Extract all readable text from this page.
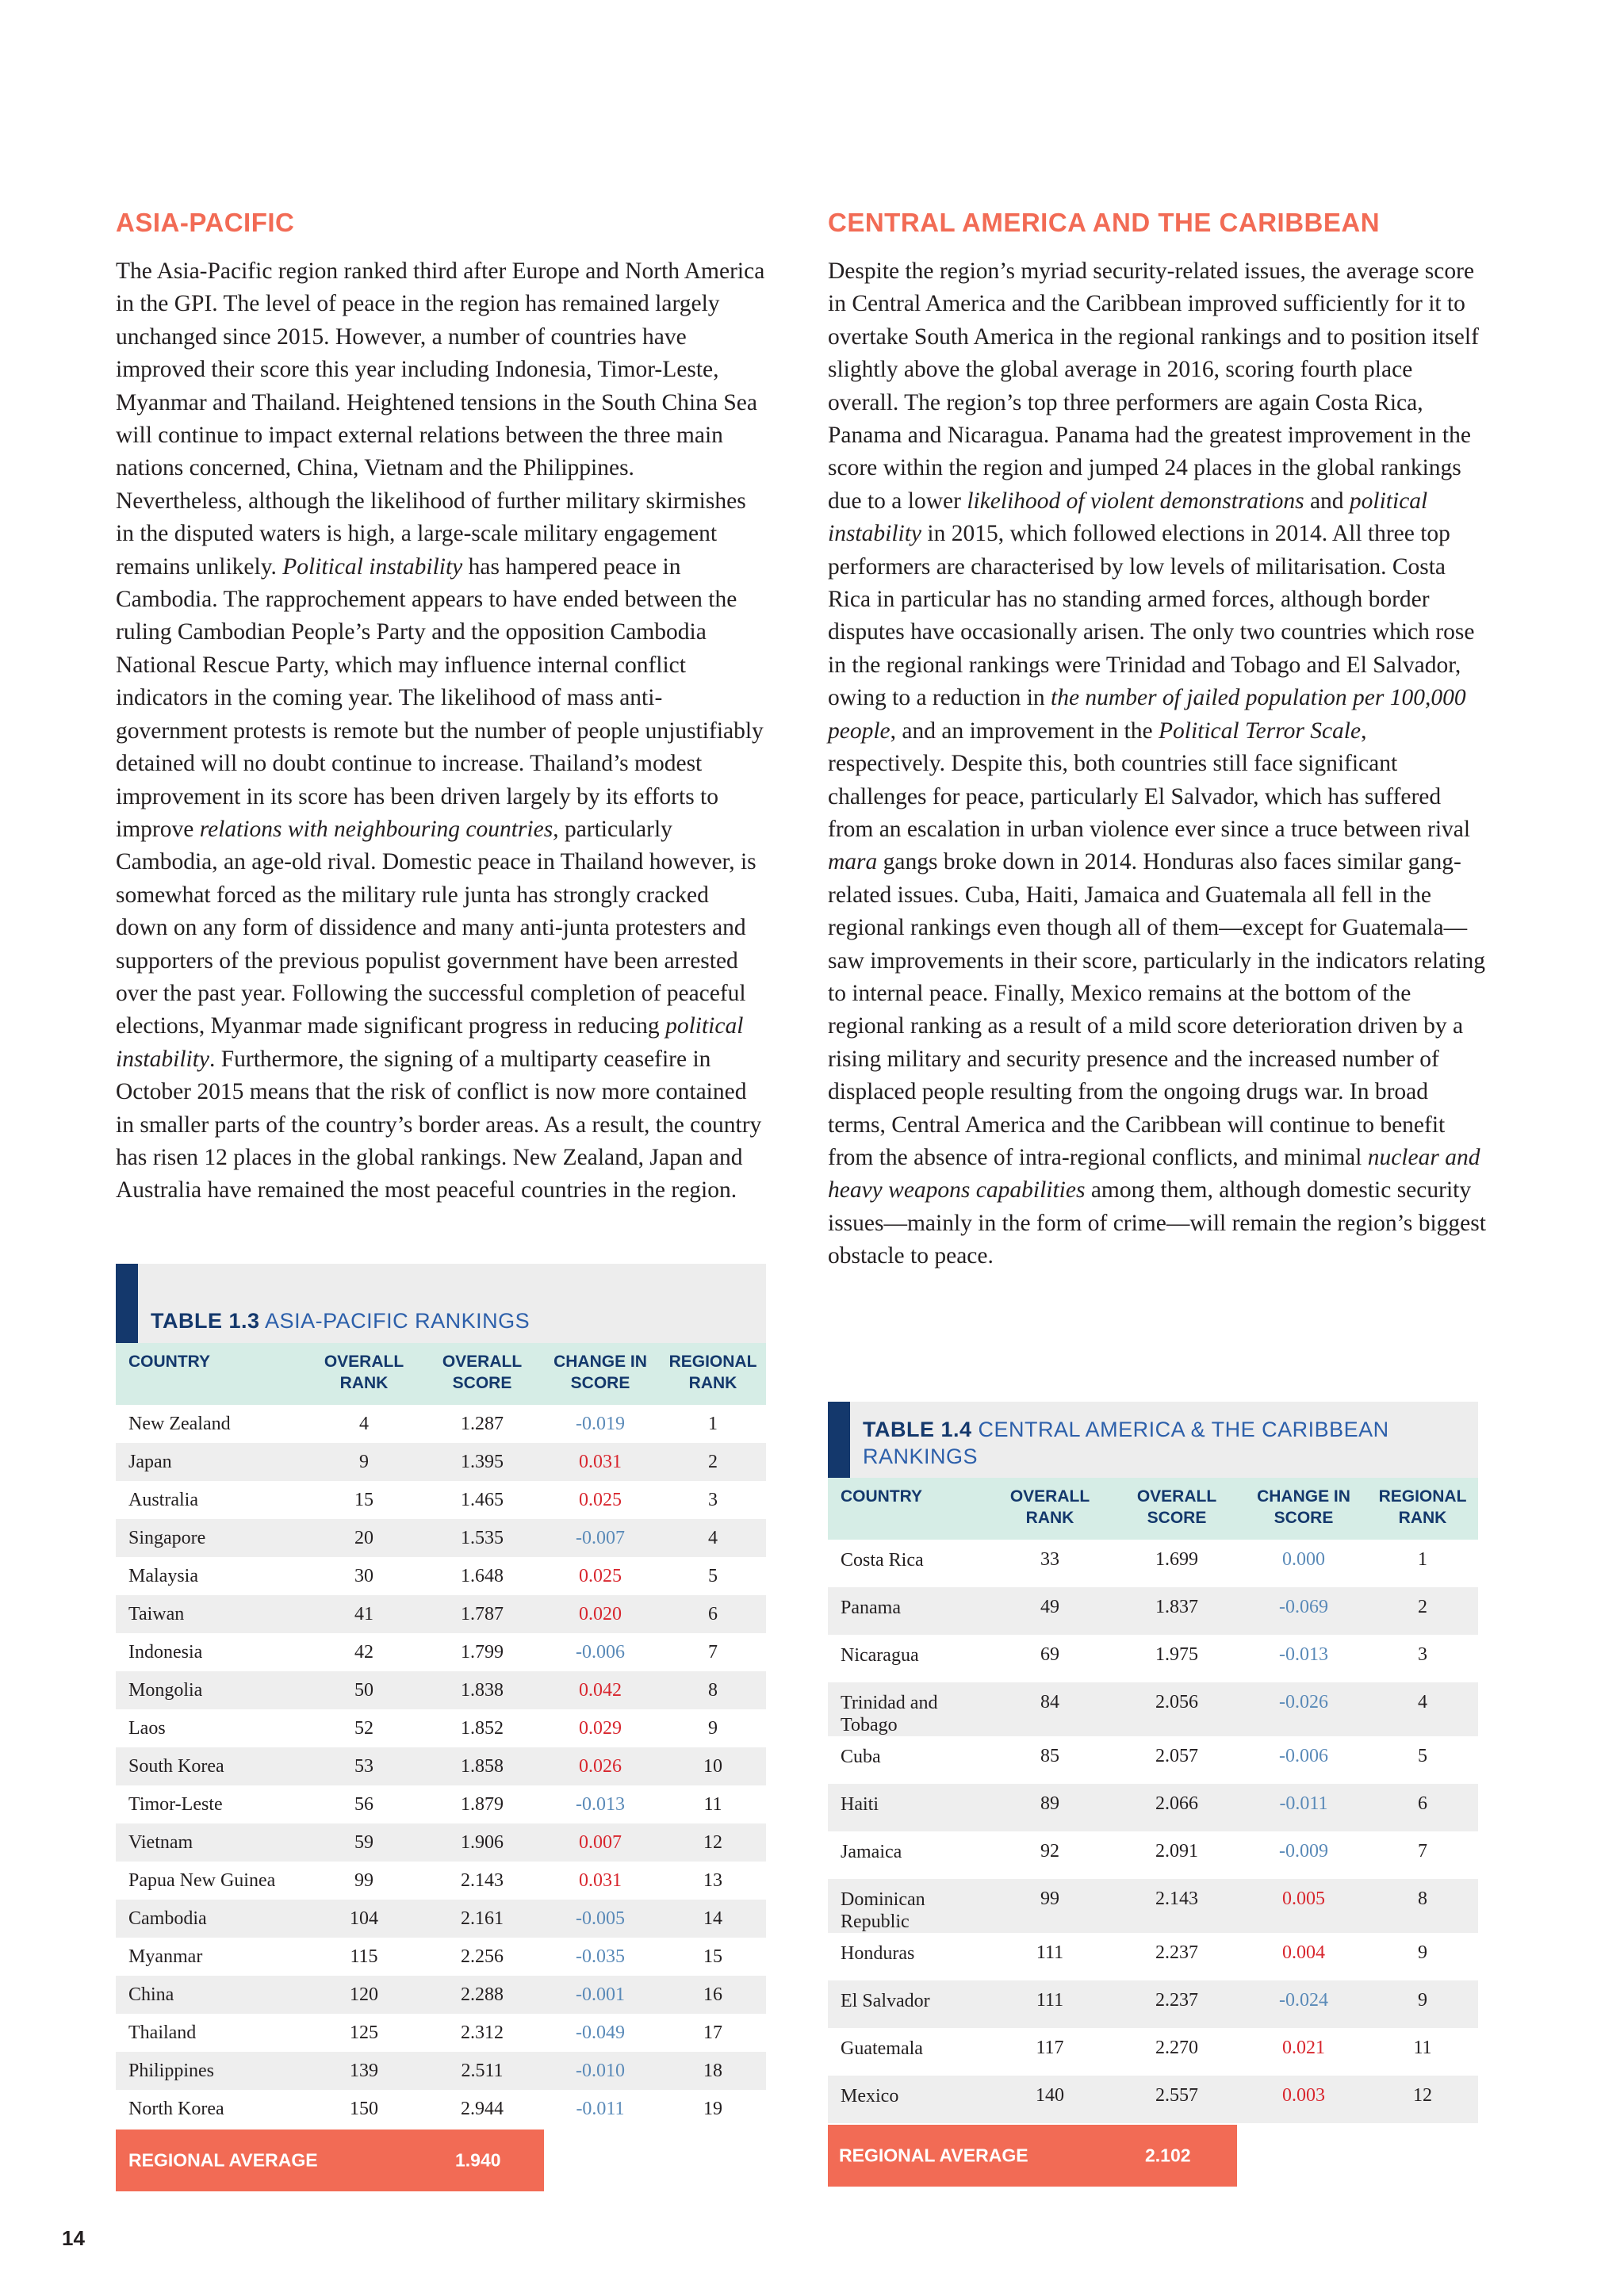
ASIA-PACIFIC

The Asia-Pacific region ranked third after Europe and North America in the GPI. The level of peace in the region has remained largely unchanged since 2015. However, a number of countries have improved their score this year including Indonesia, Timor-Leste, Myanmar and Thailand. Heightened tensions in the South China Sea will continue to impact external relations between the three main nations concerned, China, Vietnam and the Philippines. Nevertheless, although the likelihood of further military skirmishes in the disputed waters is high, a large-scale military engagement remains unlikely. Political instability has hampered peace in Cambodia. The rapprochement appears to have ended between the ruling Cambodian People’s Party and the opposition Cambodia National Rescue Party, which may influence internal conflict indicators in the coming year. The likelihood of mass anti-government protests is remote but the number of people unjustifiably detained will no doubt continue to increase. Thailand’s modest improvement in its score has been driven largely by its efforts to improve relations with neighbouring countries, particularly Cambodia, an age-old rival. Domestic peace in Thailand however, is somewhat forced as the military rule junta has strongly cracked down on any form of dissidence and many anti-junta protesters and supporters of the previous populist government have been arrested over the past year. Following the successful completion of peaceful elections, Myanmar made significant progress in reducing political instability. Furthermore, the signing of a multiparty ceasefire in October 2015 means that the risk of conflict is now more contained in smaller parts of the country’s border areas. As a result, the country has risen 12 places in the global rankings. New Zealand, Japan and Australia have remained the most peaceful countries in the region.

TABLE 1.3 ASIA-PACIFIC RANKINGS
COUNTRY	OVERALL RANK	OVERALL SCORE	CHANGE IN SCORE	REGIONAL RANK
New Zealand	4	1.287	-0.019	1
Japan	9	1.395	0.031	2
Australia	15	1.465	0.025	3
Singapore	20	1.535	-0.007	4
Malaysia	30	1.648	0.025	5
Taiwan	41	1.787	0.020	6
Indonesia	42	1.799	-0.006	7
Mongolia	50	1.838	0.042	8
Laos	52	1.852	0.029	9
South Korea	53	1.858	0.026	10
Timor-Leste	56	1.879	-0.013	11
Vietnam	59	1.906	0.007	12
Papua New Guinea	99	2.143	0.031	13
Cambodia	104	2.161	-0.005	14
Myanmar	115	2.256	-0.035	15
China	120	2.288	-0.001	16
Thailand	125	2.312	-0.049	17
Philippines	139	2.511	-0.010	18
North Korea	150	2.944	-0.011	19
REGIONAL AVERAGE	1.940
CENTRAL AMERICA AND THE CARIBBEAN

Despite the region’s myriad security-related issues, the average score in Central America and the Caribbean improved sufficiently for it to overtake South America in the regional rankings and to position itself slightly above the global average in 2016, scoring fourth place overall. The region’s top three performers are again Costa Rica, Panama and Nicaragua. Panama had the greatest improvement in the score within the region and jumped 24 places in the global rankings due to a lower likelihood of violent demonstrations and political instability in 2015, which followed elections in 2014. All three top performers are characterised by low levels of militarisation. Costa Rica in particular has no standing armed forces, although border disputes have occasionally arisen. The only two countries which rose in the regional rankings were Trinidad and Tobago and El Salvador, owing to a reduction in the number of jailed population per 100,000 people, and an improvement in the Political Terror Scale, respectively. Despite this, both countries still face significant challenges for peace, particularly El Salvador, which has suffered from an escalation in urban violence ever since a truce between rival mara gangs broke down in 2014. Honduras also faces similar gang-related issues. Cuba, Haiti, Jamaica and Guatemala all fell in the regional rankings even though all of them—except for Guatemala—saw improvements in their score, particularly in the indicators relating to internal peace. Finally, Mexico remains at the bottom of the regional ranking as a result of a mild score deterioration driven by a rising military and security presence and the increased number of displaced people resulting from the ongoing drugs war. In broad terms, Central America and the Caribbean will continue to benefit from the absence of intra-regional conflicts, and minimal nuclear and heavy weapons capabilities among them, although domestic security issues—mainly in the form of crime—will remain the region’s biggest obstacle to peace.

TABLE 1.4 CENTRAL AMERICA & THE CARIBBEAN RANKINGS
COUNTRY	OVERALL RANK	OVERALL SCORE	CHANGE IN SCORE	REGIONAL RANK
Costa Rica	33	1.699	0.000	1
Panama	49	1.837	-0.069	2
Nicaragua	69	1.975	-0.013	3
Trinidad and Tobago	84	2.056	-0.026	4
Cuba	85	2.057	-0.006	5
Haiti	89	2.066	-0.011	6
Jamaica	92	2.091	-0.009	7
Dominican Republic	99	2.143	0.005	8
Honduras	111	2.237	0.004	9
El Salvador	111	2.237	-0.024	9
Guatemala	117	2.270	0.021	11
Mexico	140	2.557	0.003	12
REGIONAL AVERAGE	2.102
14
